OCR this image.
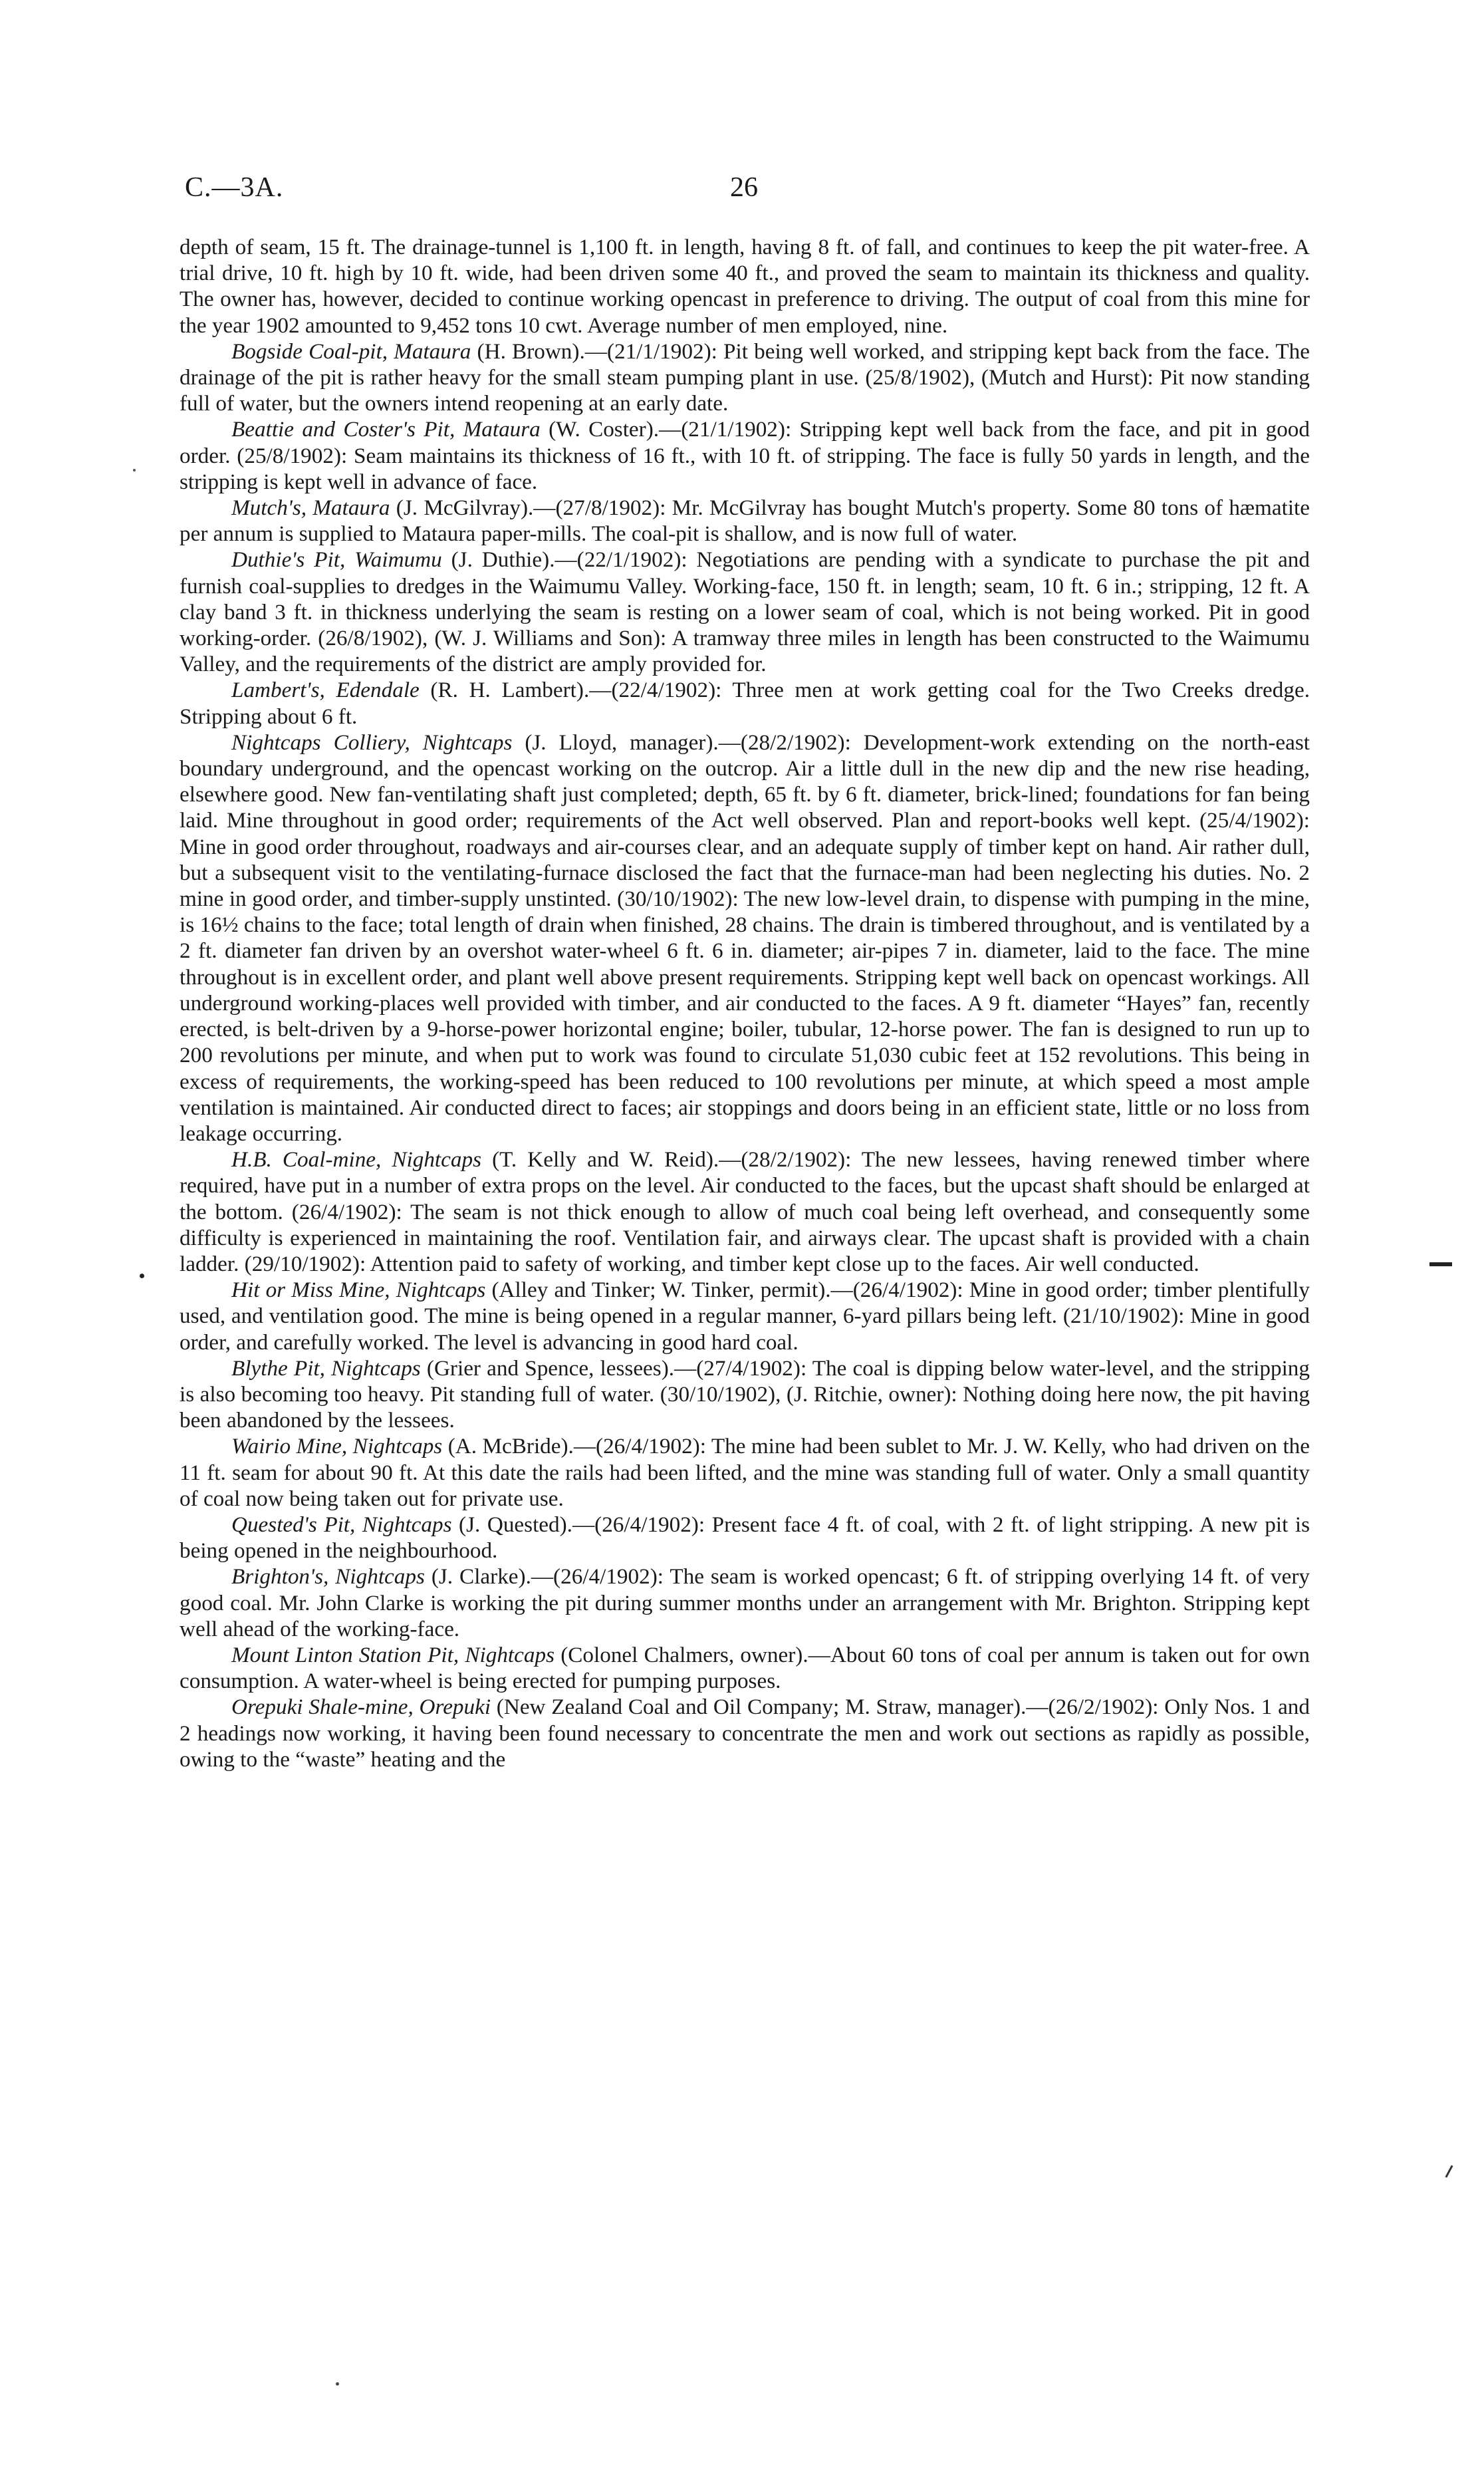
C.—3A.	26

depth of seam, 15 ft. The drainage-tunnel is 1,100 ft. in length, having 8 ft. of fall, and continues to keep the pit water-free. A trial drive, 10 ft. high by 10 ft. wide, had been driven some 40 ft., and proved the seam to maintain its thickness and quality. The owner has, however, decided to continue working opencast in preference to driving. The output of coal from this mine for the year 1902 amounted to 9,452 tons 10 cwt. Average number of men employed, nine.

Bogside Coal-pit, Mataura (H. Brown).—(21/1/1902): Pit being well worked, and stripping kept back from the face. The drainage of the pit is rather heavy for the small steam pumping plant in use. (25/8/1902), (Mutch and Hurst): Pit now standing full of water, but the owners intend reopening at an early date.

Beattie and Coster's Pit, Mataura (W. Coster).—(21/1/1902): Stripping kept well back from the face, and pit in good order. (25/8/1902): Seam maintains its thickness of 16 ft., with 10 ft. of stripping. The face is fully 50 yards in length, and the stripping is kept well in advance of face.

Mutch's, Mataura (J. McGilvray).—(27/8/1902): Mr. McGilvray has bought Mutch's property. Some 80 tons of hæmatite per annum is supplied to Mataura paper-mills. The coal-pit is shallow, and is now full of water.

Duthie's Pit, Waimumu (J. Duthie).—(22/1/1902): Negotiations are pending with a syndicate to purchase the pit and furnish coal-supplies to dredges in the Waimumu Valley. Working-face, 150 ft. in length; seam, 10 ft. 6 in.; stripping, 12 ft. A clay band 3 ft. in thickness underlying the seam is resting on a lower seam of coal, which is not being worked. Pit in good working-order. (26/8/1902), (W. J. Williams and Son): A tramway three miles in length has been constructed to the Waimumu Valley, and the requirements of the district are amply provided for.

Lambert's, Edendale (R. H. Lambert).—(22/4/1902): Three men at work getting coal for the Two Creeks dredge. Stripping about 6 ft.

Nightcaps Colliery, Nightcaps (J. Lloyd, manager).—(28/2/1902): Development-work extending on the north-east boundary underground, and the opencast working on the outcrop. Air a little dull in the new dip and the new rise heading, elsewhere good. New fan-ventilating shaft just completed; depth, 65 ft. by 6 ft. diameter, brick-lined; foundations for fan being laid. Mine throughout in good order; requirements of the Act well observed. Plan and report-books well kept. (25/4/1902): Mine in good order throughout, roadways and air-courses clear, and an adequate supply of timber kept on hand. Air rather dull, but a subsequent visit to the ventilating-furnace disclosed the fact that the furnace-man had been neglecting his duties. No. 2 mine in good order, and timber-supply unstinted. (30/10/1902): The new low-level drain, to dispense with pumping in the mine, is 16½ chains to the face; total length of drain when finished, 28 chains. The drain is timbered throughout, and is ventilated by a 2 ft. diameter fan driven by an overshot water-wheel 6 ft. 6 in. diameter; air-pipes 7 in. diameter, laid to the face. The mine throughout is in excellent order, and plant well above present requirements. Stripping kept well back on opencast workings. All underground working-places well provided with timber, and air conducted to the faces. A 9 ft. diameter “Hayes” fan, recently erected, is belt-driven by a 9-horse-power horizontal engine; boiler, tubular, 12-horse power. The fan is designed to run up to 200 revolutions per minute, and when put to work was found to circulate 51,030 cubic feet at 152 revolutions. This being in excess of requirements, the working-speed has been reduced to 100 revolutions per minute, at which speed a most ample ventilation is maintained. Air conducted direct to faces; air stoppings and doors being in an efficient state, little or no loss from leakage occurring.

H.B. Coal-mine, Nightcaps (T. Kelly and W. Reid).—(28/2/1902): The new lessees, having renewed timber where required, have put in a number of extra props on the level. Air conducted to the faces, but the upcast shaft should be enlarged at the bottom. (26/4/1902): The seam is not thick enough to allow of much coal being left overhead, and consequently some difficulty is experienced in maintaining the roof. Ventilation fair, and airways clear. The upcast shaft is provided with a chain ladder. (29/10/1902): Attention paid to safety of working, and timber kept close up to the faces. Air well conducted.

Hit or Miss Mine, Nightcaps (Alley and Tinker; W. Tinker, permit).—(26/4/1902): Mine in good order; timber plentifully used, and ventilation good. The mine is being opened in a regular manner, 6-yard pillars being left. (21/10/1902): Mine in good order, and carefully worked. The level is advancing in good hard coal.

Blythe Pit, Nightcaps (Grier and Spence, lessees).—(27/4/1902): The coal is dipping below water-level, and the stripping is also becoming too heavy. Pit standing full of water. (30/10/1902), (J. Ritchie, owner): Nothing doing here now, the pit having been abandoned by the lessees.

Wairio Mine, Nightcaps (A. McBride).—(26/4/1902): The mine had been sublet to Mr. J. W. Kelly, who had driven on the 11 ft. seam for about 90 ft. At this date the rails had been lifted, and the mine was standing full of water. Only a small quantity of coal now being taken out for private use.

Quested's Pit, Nightcaps (J. Quested).—(26/4/1902): Present face 4 ft. of coal, with 2 ft. of light stripping. A new pit is being opened in the neighbourhood.

Brighton's, Nightcaps (J. Clarke).—(26/4/1902): The seam is worked opencast; 6 ft. of stripping overlying 14 ft. of very good coal. Mr. John Clarke is working the pit during summer months under an arrangement with Mr. Brighton. Stripping kept well ahead of the working-face.

Mount Linton Station Pit, Nightcaps (Colonel Chalmers, owner).—About 60 tons of coal per annum is taken out for own consumption. A water-wheel is being erected for pumping purposes.

Orepuki Shale-mine, Orepuki (New Zealand Coal and Oil Company; M. Straw, manager).—(26/2/1902): Only Nos. 1 and 2 headings now working, it having been found necessary to concentrate the men and work out sections as rapidly as possible, owing to the “waste” heating and the
